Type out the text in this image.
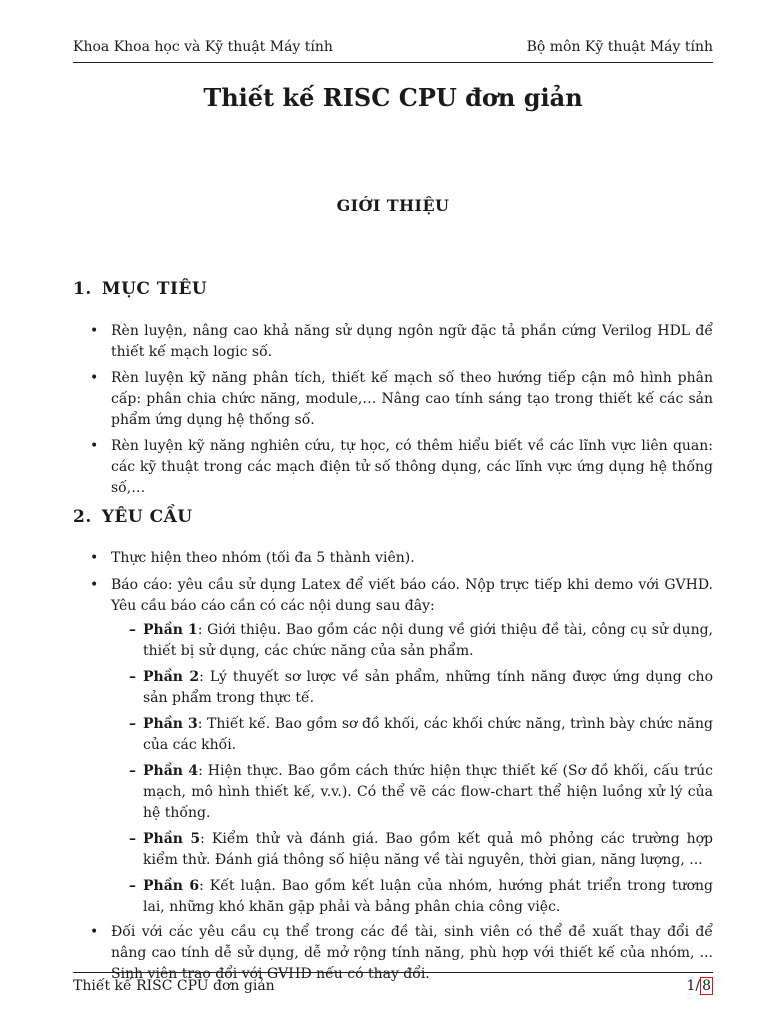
Khoa Khoa học và Kỹ thuật Máy tính	Bộ môn Kỹ thuật Máy tính
Thiết kế RISC CPU đơn giản
GIỚI THIỆU
1. MỤC TIÊU
• Rèn luyện, nâng cao khả năng sử dụng ngôn ngữ đặc tả phần cứng Verilog HDL để thiết kế mạch logic số.
• Rèn luyện kỹ năng phân tích, thiết kế mạch số theo hướng tiếp cận mô hình phân cấp: phân chia chức năng, module,… Nâng cao tính sáng tạo trong thiết kế các sản phẩm ứng dụng hệ thống số.
• Rèn luyện kỹ năng nghiên cứu, tự học, có thêm hiểu biết về các lĩnh vực liên quan: các kỹ thuật trong các mạch điện tử số thông dụng, các lĩnh vực ứng dụng hệ thống số,…
2. YÊU CẦU
• Thực hiện theo nhóm (tối đa 5 thành viên).
• Báo cáo: yêu cầu sử dụng Latex để viết báo cáo. Nộp trực tiếp khi demo với GVHD. Yêu cầu báo cáo cần có các nội dung sau đây:
– Phần 1: Giới thiệu. Bao gồm các nội dung về giới thiệu đề tài, công cụ sử dụng, thiết bị sử dụng, các chức năng của sản phẩm.
– Phần 2: Lý thuyết sơ lược về sản phẩm, những tính năng được ứng dụng cho sản phẩm trong thực tế.
– Phần 3: Thiết kế. Bao gồm sơ đồ khối, các khối chức năng, trình bày chức năng của các khối.
– Phần 4: Hiện thực. Bao gồm cách thức hiện thực thiết kế (Sơ đồ khối, cấu trúc mạch, mô hình thiết kế, v.v.). Có thể vẽ các flow-chart thể hiện luồng xử lý của hệ thống.
– Phần 5: Kiểm thử và đánh giá. Bao gồm kết quả mô phỏng các trường hợp kiểm thử. Đánh giá thông số hiệu năng về tài nguyên, thời gian, năng lượng, ...
– Phần 6: Kết luận. Bao gồm kết luận của nhóm, hướng phát triển trong tương lai, những khó khăn gặp phải và bảng phân chia công việc.
• Đối với các yêu cầu cụ thể trong các đề tài, sinh viên có thể đề xuất thay đổi để nâng cao tính dễ sử dụng, dễ mở rộng tính năng, phù hợp với thiết kế của nhóm, ... Sinh viên trao đổi với GVHD nếu có thay đổi.
Thiết kế RISC CPU đơn giản	1/ 8
